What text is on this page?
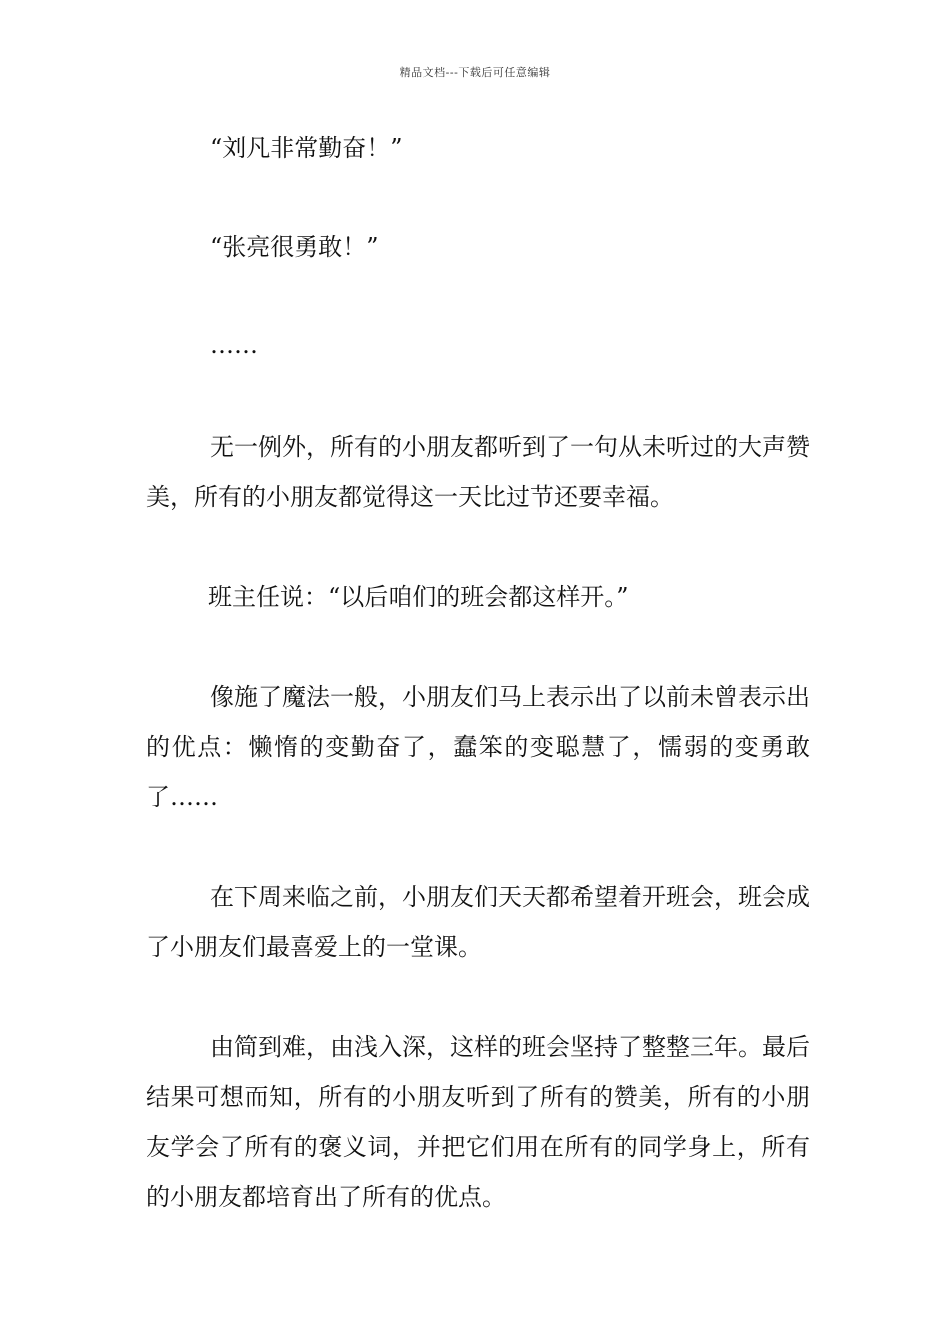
精品文档---下载后可任意编辑

“刘凡非常勤奋！”

“张亮很勇敢！”

……

无一例外，所有的小朋友都听到了一句从未听过的大声赞美，所有的小朋友都觉得这一天比过节还要幸福。

班主任说：“以后咱们的班会都这样开。”

像施了魔法一般，小朋友们马上表示出了以前未曾表示出的优点：懒惰的变勤奋了，蠢笨的变聪慧了，懦弱的变勇敢了……

在下周来临之前，小朋友们天天都希望着开班会，班会成了小朋友们最喜爱上的一堂课。

由简到难，由浅入深，这样的班会坚持了整整三年。最后结果可想而知，所有的小朋友听到了所有的赞美，所有的小朋友学会了所有的褒义词，并把它们用在所有的同学身上，所有的小朋友都培育出了所有的优点。
